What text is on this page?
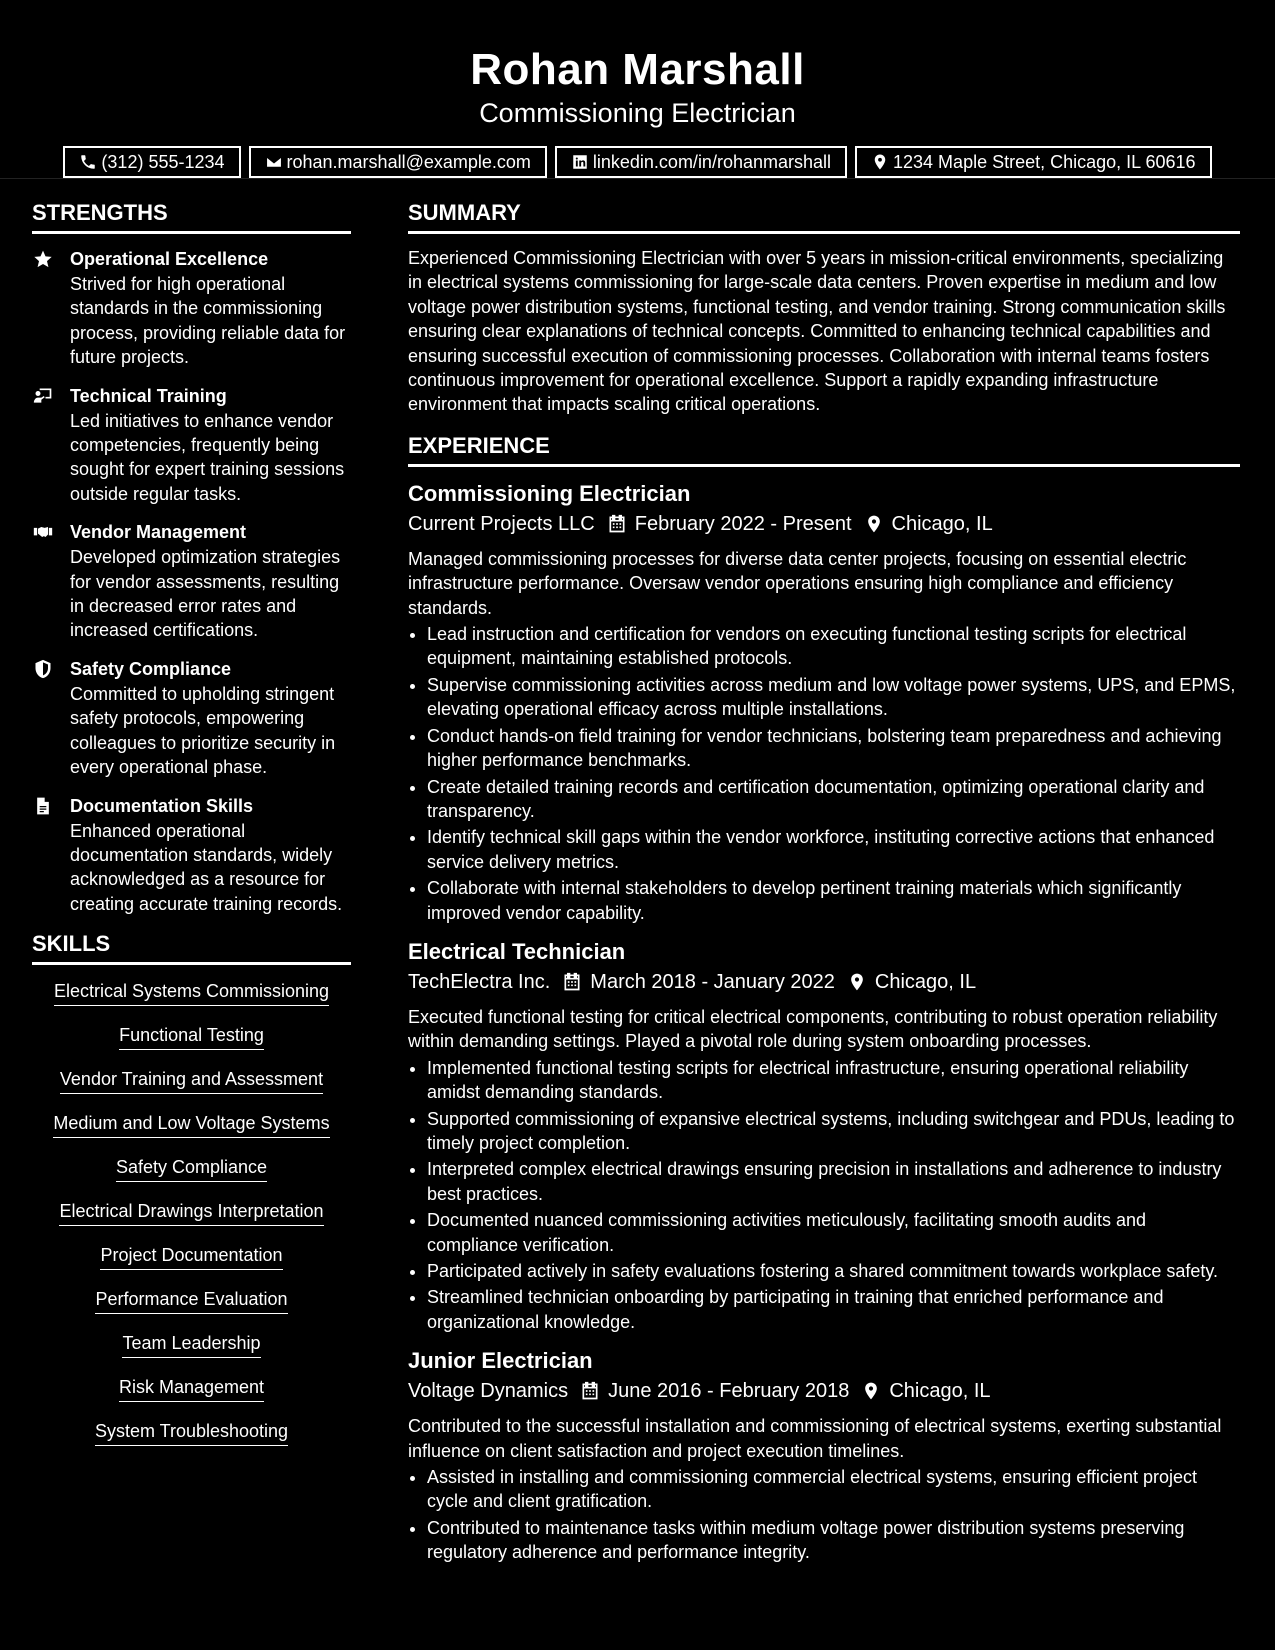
Rohan Marshall
Commissioning Electrician
(312) 555-1234	rohan.marshall@example.com	linkedin.com/in/rohanmarshall	1234 Maple Street, Chicago, IL 60616
STRENGTHS
Operational Excellence

Strived for high operational standards in the commissioning process, providing reliable data for future projects.

Technical Training

Led initiatives to enhance vendor competencies, frequently being sought for expert training sessions outside regular tasks.

Vendor Management

Developed optimization strategies for vendor assessments, resulting in decreased error rates and increased certifications.

Safety Compliance

Committed to upholding stringent safety protocols, empowering colleagues to prioritize security in every operational phase.

Documentation Skills

Enhanced operational documentation standards, widely acknowledged as a resource for creating accurate training records.

SKILLS
Electrical Systems Commissioning
Functional Testing
Vendor Training and Assessment
Medium and Low Voltage Systems
Safety Compliance
Electrical Drawings Interpretation
Project Documentation
Performance Evaluation
Team Leadership
Risk Management
System Troubleshooting
SUMMARY

Experienced Commissioning Electrician with over 5 years in mission-critical environments, specializing in electrical systems commissioning for large-scale data centers. Proven expertise in medium and low voltage power distribution systems, functional testing, and vendor training. Strong communication skills ensuring clear explanations of technical concepts. Committed to enhancing technical capabilities and ensuring successful execution of commissioning processes. Collaboration with internal teams fosters continuous improvement for operational excellence. Support a rapidly expanding infrastructure environment that impacts scaling critical operations.

EXPERIENCE
Commissioning Electrician
Current Projects LLC February 2022 - Present Chicago, IL

Managed commissioning processes for diverse data center projects, focusing on essential electric infrastructure performance. Oversaw vendor operations ensuring high compliance and efficiency standards.

• Lead instruction and certification for vendors on executing functional testing scripts for electrical equipment, maintaining established protocols.
• Supervise commissioning activities across medium and low voltage power systems, UPS, and EPMS, elevating operational efficacy across multiple installations.
• Conduct hands-on field training for vendor technicians, bolstering team preparedness and achieving higher performance benchmarks.
• Create detailed training records and certification documentation, optimizing operational clarity and transparency.
• Identify technical skill gaps within the vendor workforce, instituting corrective actions that enhanced service delivery metrics.
• Collaborate with internal stakeholders to develop pertinent training materials which significantly improved vendor capability.
Electrical Technician
TechElectra Inc. March 2018 - January 2022 Chicago, IL

Executed functional testing for critical electrical components, contributing to robust operation reliability within demanding settings. Played a pivotal role during system onboarding processes.

• Implemented functional testing scripts for electrical infrastructure, ensuring operational reliability amidst demanding standards.
• Supported commissioning of expansive electrical systems, including switchgear and PDUs, leading to timely project completion.
• Interpreted complex electrical drawings ensuring precision in installations and adherence to industry best practices.
• Documented nuanced commissioning activities meticulously, facilitating smooth audits and compliance verification.
• Participated actively in safety evaluations fostering a shared commitment towards workplace safety.
• Streamlined technician onboarding by participating in training that enriched performance and organizational knowledge.
Junior Electrician
Voltage Dynamics June 2016 - February 2018 Chicago, IL

Contributed to the successful installation and commissioning of electrical systems, exerting substantial influence on client satisfaction and project execution timelines.

• Assisted in installing and commissioning commercial electrical systems, ensuring efficient project cycle and client gratification.
• Contributed to maintenance tasks within medium voltage power distribution systems preserving regulatory adherence and performance integrity.
